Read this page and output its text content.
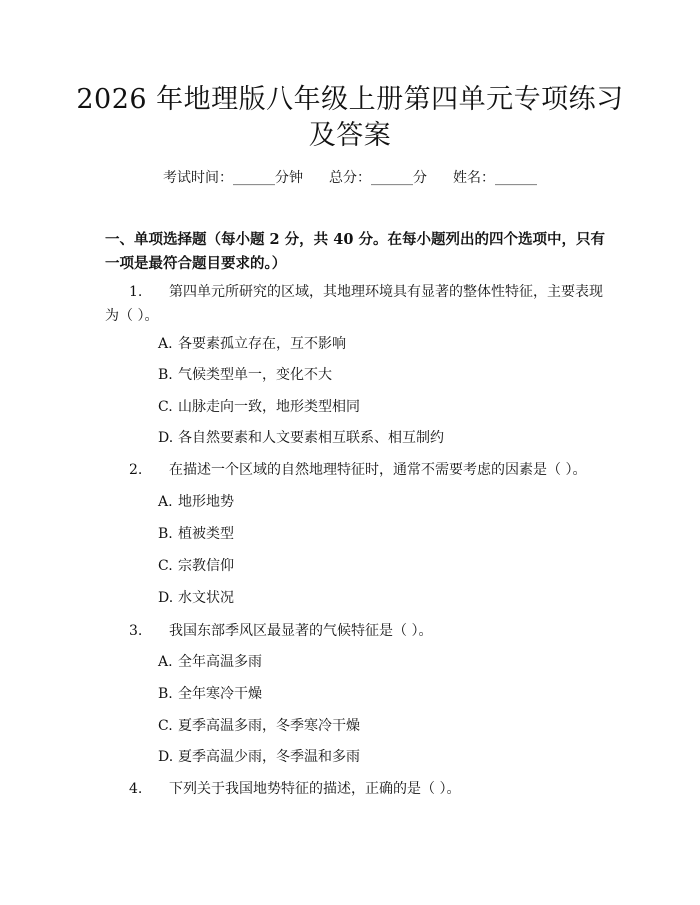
2026 年地理版八年级上册第四单元专项练习
及答案
考试时间：______分钟 总分：______分 姓名：______
一、单项选择题（每小题 2 分，共 40 分。在每小题列出的四个选项中，只有一项是最符合题目要求的。）
1. 第四单元所研究的区域，其地理环境具有显著的整体性特征，主要表现为（ ）。
A. 各要素孤立存在，互不影响
B. 气候类型单一，变化不大
C. 山脉走向一致，地形类型相同
D. 各自然要素和人文要素相互联系、相互制约
2. 在描述一个区域的自然地理特征时，通常不需要考虑的因素是（ ）。
A. 地形地势
B. 植被类型
C. 宗教信仰
D. 水文状况
3. 我国东部季风区最显著的气候特征是（ ）。
A. 全年高温多雨
B. 全年寒冷干燥
C. 夏季高温多雨，冬季寒冷干燥
D. 夏季高温少雨，冬季温和多雨
4. 下列关于我国地势特征的描述，正确的是（ ）。
